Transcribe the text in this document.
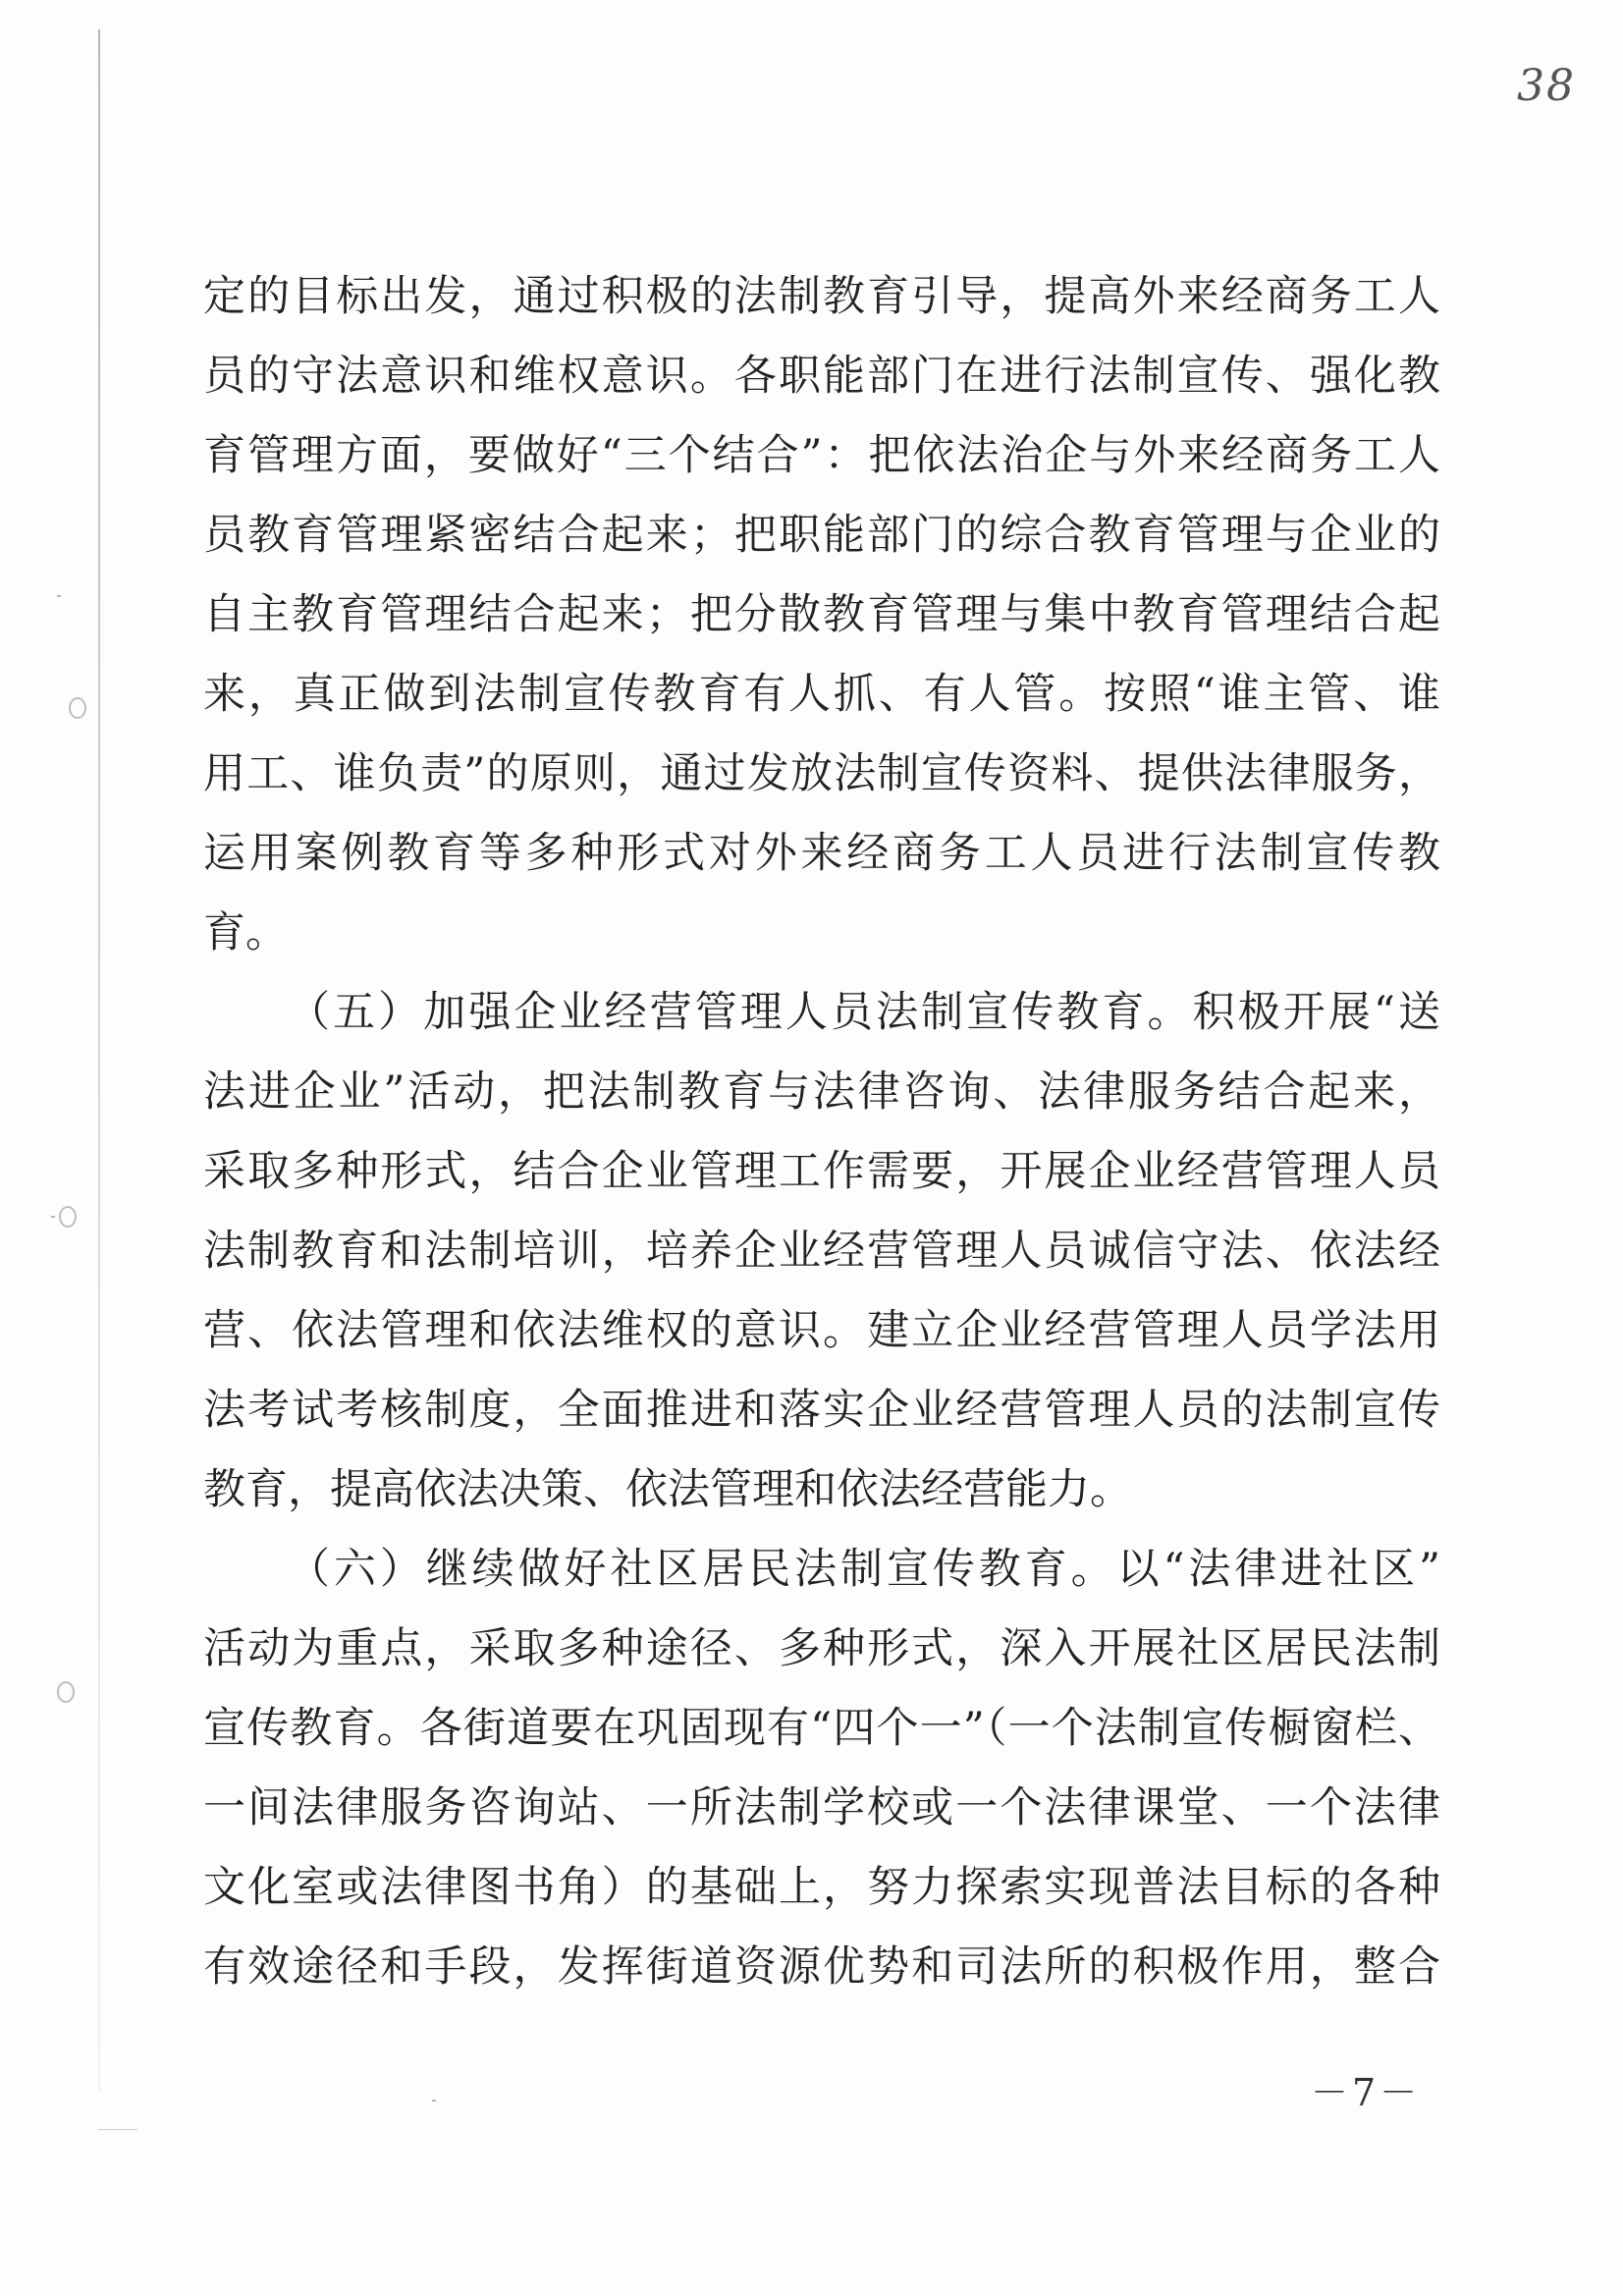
38
定的目标出发，通过积极的法制教育引导，提高外来经商务工人
员的守法意识和维权意识。各职能部门在进行法制宣传、强化教
育管理方面，要做好“三个结合”：把依法治企与外来经商务工人
员教育管理紧密结合起来；把职能部门的综合教育管理与企业的
自主教育管理结合起来；把分散教育管理与集中教育管理结合起
来，真正做到法制宣传教育有人抓、有人管。按照“谁主管、谁
用工、谁负责”的原则，通过发放法制宣传资料、提供法律服务，
运用案例教育等多种形式对外来经商务工人员进行法制宣传教
育。
（五）加强企业经营管理人员法制宣传教育。积极开展“送
法进企业”活动，把法制教育与法律咨询、法律服务结合起来，
采取多种形式，结合企业管理工作需要，开展企业经营管理人员
法制教育和法制培训，培养企业经营管理人员诚信守法、依法经
营、依法管理和依法维权的意识。建立企业经营管理人员学法用
法考试考核制度，全面推进和落实企业经营管理人员的法制宣传
教育，提高依法决策、依法管理和依法经营能力。
（六）继续做好社区居民法制宣传教育。以“法律进社区”
活动为重点，采取多种途径、多种形式，深入开展社区居民法制
宣传教育。各街道要在巩固现有“四个一”（一个法制宣传橱窗栏、
一间法律服务咨询站、一所法制学校或一个法律课堂、一个法律
文化室或法律图书角）的基础上，努力探索实现普法目标的各种
有效途径和手段，发挥街道资源优势和司法所的积极作用，整合
－7－
